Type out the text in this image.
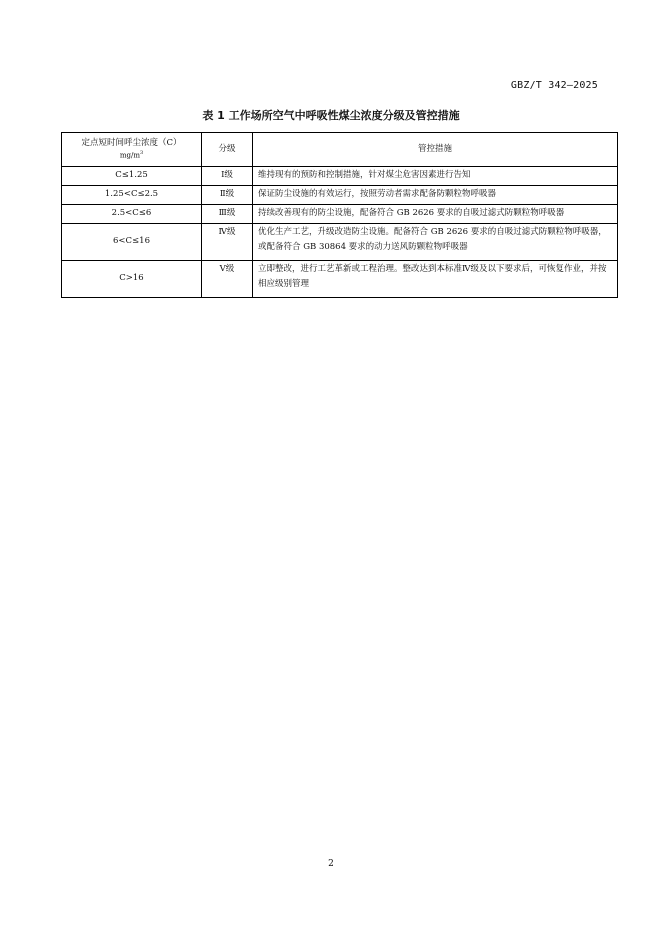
GBZ/T 342—2025
表 1 工作场所空气中呼吸性煤尘浓度分级及管控措施
定点短时间呼尘浓度（C）
$mg/m^3$	分级	管控措施
C≤1.25	Ⅰ级	维持现有的预防和控制措施，针对煤尘危害因素进行告知
1.25<C≤2.5	Ⅱ级	保证防尘设施的有效运行，按照劳动者需求配备防颗粒物呼吸器
2.5<C≤6	Ⅲ级	持续改善现有的防尘设施，配备符合 GB 2626 要求的自吸过滤式防颗粒物呼吸器
6<C≤16	Ⅳ级	优化生产工艺，升级改造防尘设施。配备符合 GB 2626 要求的自吸过滤式防颗粒物呼吸器，或配备符合 GB 30864 要求的动力送风防颗粒物呼吸器
C>16	Ⅴ级	立即整改，进行工艺革新或工程治理。整改达到本标准Ⅳ级及以下要求后，可恢复作业，并按相应级别管理
2
